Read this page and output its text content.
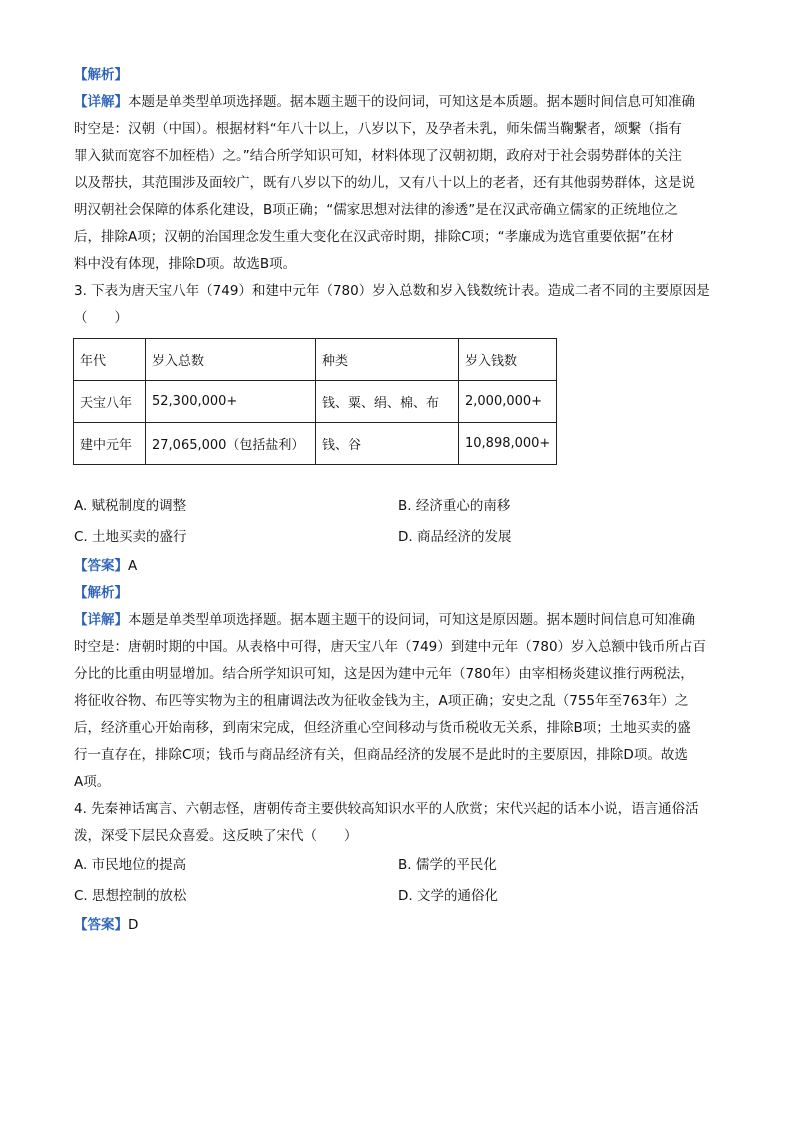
【解析】
【详解】本题是单类型单项选择题。据本题主题干的设问词，可知这是本质题。据本题时间信息可知准确
时空是：汉朝（中国）。根据材料“年八十以上，八岁以下，及孕者未乳，师朱儒当鞠繫者，颂繫（指有
罪入狱而宽容不加桎梏）之。”结合所学知识可知，材料体现了汉朝初期，政府对于社会弱势群体的关注
以及帮扶，其范围涉及面较广，既有八岁以下的幼儿，又有八十以上的老者，还有其他弱势群体，这是说
明汉朝社会保障的体系化建设，B项正确；“儒家思想对法律的渗透”是在汉武帝确立儒家的正统地位之
后，排除A项；汉朝的治国理念发生重大变化在汉武帝时期，排除C项；“孝廉成为选官重要依据”在材
料中没有体现，排除D项。故选B项。
3. 下表为唐天宝八年（749）和建中元年（780）岁入总数和岁入钱数统计表。造成二者不同的主要原因是
（　　）
年代	岁入总数	种类	岁入钱数
天宝八年	52,300,000+	钱、粟、绢、棉、布	2,000,000+
建中元年	27,065,000（包括盐利）	钱、谷	10,898,000+
A. 赋税制度的调整	B. 经济重心的南移
C. 土地买卖的盛行	D. 商品经济的发展
【答案】A
【解析】
【详解】本题是单类型单项选择题。据本题主题干的设问词，可知这是原因题。据本题时间信息可知准确
时空是：唐朝时期的中国。从表格中可得，唐天宝八年（749）到建中元年（780）岁入总额中钱币所占百
分比的比重由明显增加。结合所学知识可知，这是因为建中元年（780年）由宰相杨炎建议推行两税法，
将征收谷物、布匹等实物为主的租庸调法改为征收金钱为主，A项正确；安史之乱（755年至763年）之
后，经济重心开始南移，到南宋完成，但经济重心空间移动与货币税收无关系，排除B项；土地买卖的盛
行一直存在，排除C项；钱币与商品经济有关，但商品经济的发展不是此时的主要原因，排除D项。故选
A项。
4. 先秦神话寓言、六朝志怪，唐朝传奇主要供较高知识水平的人欣赏；宋代兴起的话本小说，语言通俗活
泼，深受下层民众喜爱。这反映了宋代（　　）
A. 市民地位的提高	B. 儒学的平民化
C. 思想控制的放松	D. 文学的通俗化
【答案】D
